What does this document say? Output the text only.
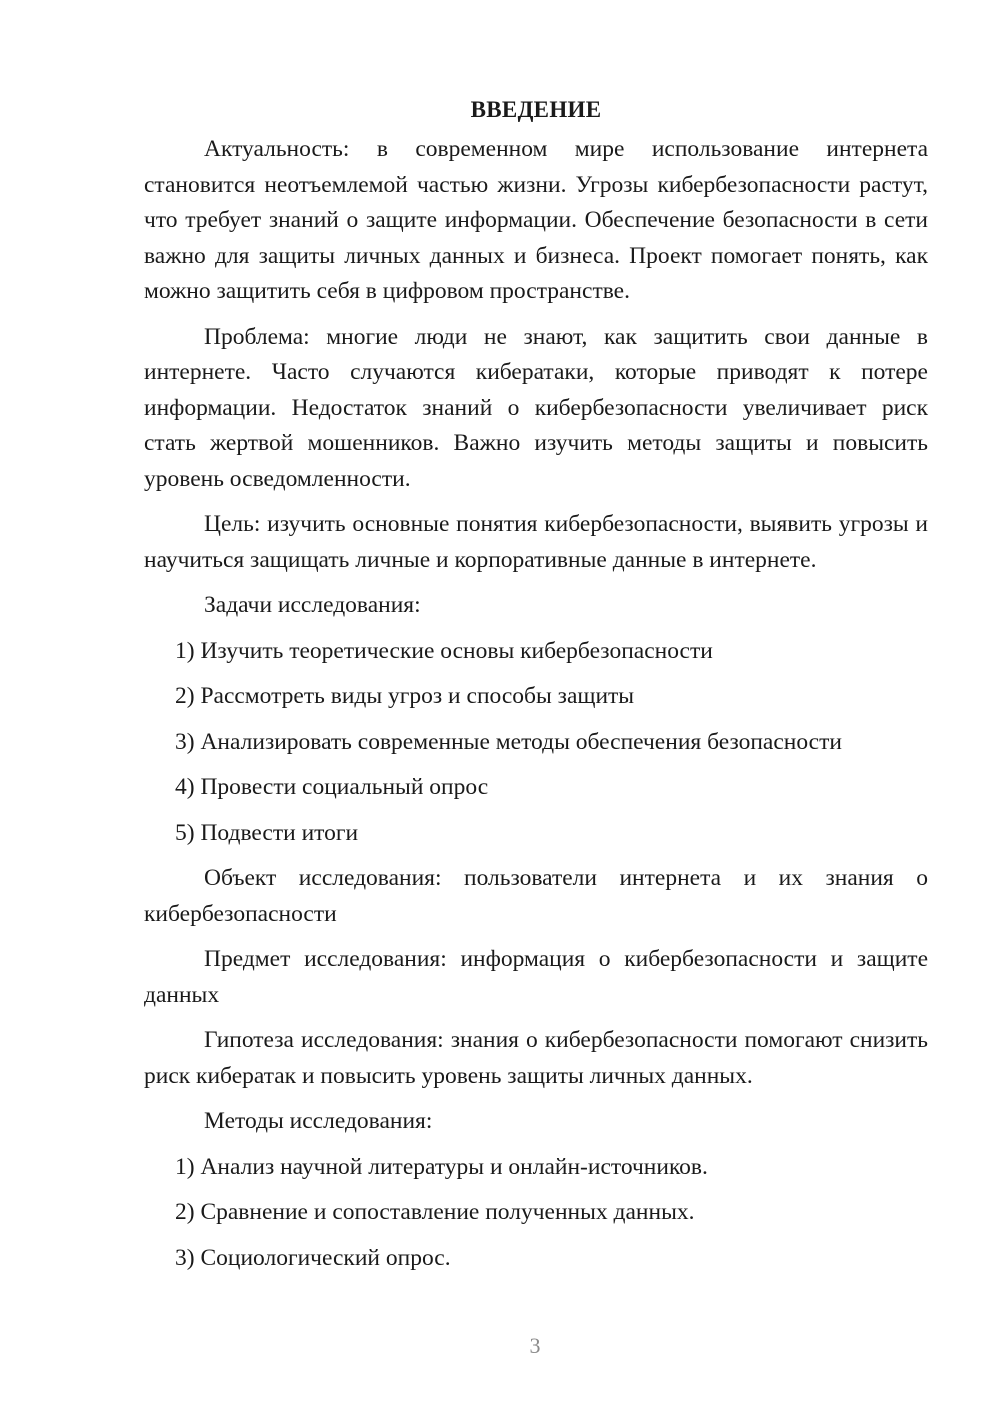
ВВЕДЕНИЕ

Актуальность: в современном мире использование интернета становится неотъемлемой частью жизни. Угрозы кибербезопасности растут, что требует знаний о защите информации. Обеспечение безопасности в сети важно для защиты личных данных и бизнеса. Проект помогает понять, как можно защитить себя в цифровом пространстве.

Проблема: многие люди не знают, как защитить свои данные в интернете. Часто случаются кибератаки, которые приводят к потере информации. Недостаток знаний о кибербезопасности увеличивает риск стать жертвой мошенников. Важно изучить методы защиты и повысить уровень осведомленности.

Цель: изучить основные понятия кибербезопасности, выявить угрозы и научиться защищать личные и корпоративные данные в интернете.

Задачи исследования:

1) Изучить теоретические основы кибербезопасности
2) Рассмотреть виды угроз и способы защиты
3) Анализировать современные методы обеспечения безопасности
4) Провести социальный опрос
5) Подвести итоги

Объект исследования: пользователи интернета и их знания о кибербезопасности

Предмет исследования: информация о кибербезопасности и защите данных

Гипотеза исследования: знания о кибербезопасности помогают снизить риск кибератак и повысить уровень защиты личных данных.

Методы исследования:

1) Анализ научной литературы и онлайн-источников.
2) Сравнение и сопоставление полученных данных.
3) Социологический опрос.
3
